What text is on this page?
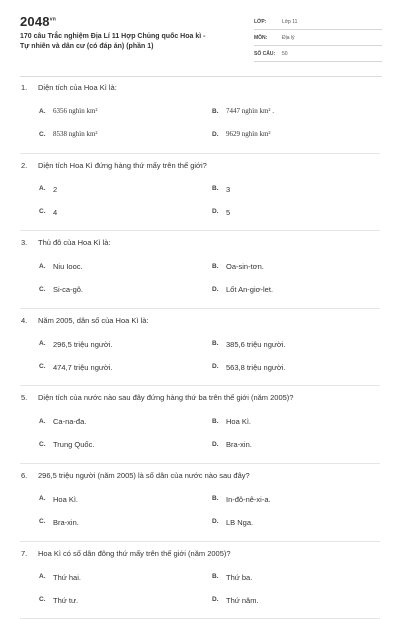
$2048^{vn}$
170 câu Trắc nghiệm Địa Lí 11 Hợp Chủng quốc Hoa kì -
Tự nhiên và dân cư (có đáp án) (phần 1)
LỚP:	Lớp 11
MÔN:	Địa lý
SỐ CÂU:	50
1.	Diện tích của Hoa Kì là:
A.	6356 nghìn km²	B.	7447 nghìn km² .
C.	8538 nghìn km²	D.	9629 nghìn km²
2.	Diện tích Hoa Kì đứng hàng thứ mấy trên thế giới?
A.	2	B.	3
C.	4	D.	5
3.	Thủ đô của Hoa Kì là:
A.	Niu Iooc.	B.	Oa-sin-tơn.
C.	Si-ca-gô.	D.	Lốt An-giơ-let.
4.	Năm 2005, dân số của Hoa Kì là:
A.	296,5 triệu người.	B.	385,6 triệu người.
C.	474,7 triệu người.	D.	563,8 triệu người.
5.	Diện tích của nước nào sau đây đứng hàng thứ ba trên thế giới (năm 2005)?
A.	Ca-na-đa.	B.	Hoa Kì.
C.	Trung Quốc.	D.	Bra-xin.
6.	296,5 triệu người (năm 2005) là số dân của nước nào sau đây?
A.	Hoa Kì.	B.	In-đô-nê-xi-a.
C.	Bra-xin.	D.	LB Nga.
7.	Hoa Kì có số dân đông thứ mấy trên thế giới (năm 2005)?
A.	Thứ hai.	B.	Thứ ba.
C.	Thứ tư.	D.	Thứ năm.
